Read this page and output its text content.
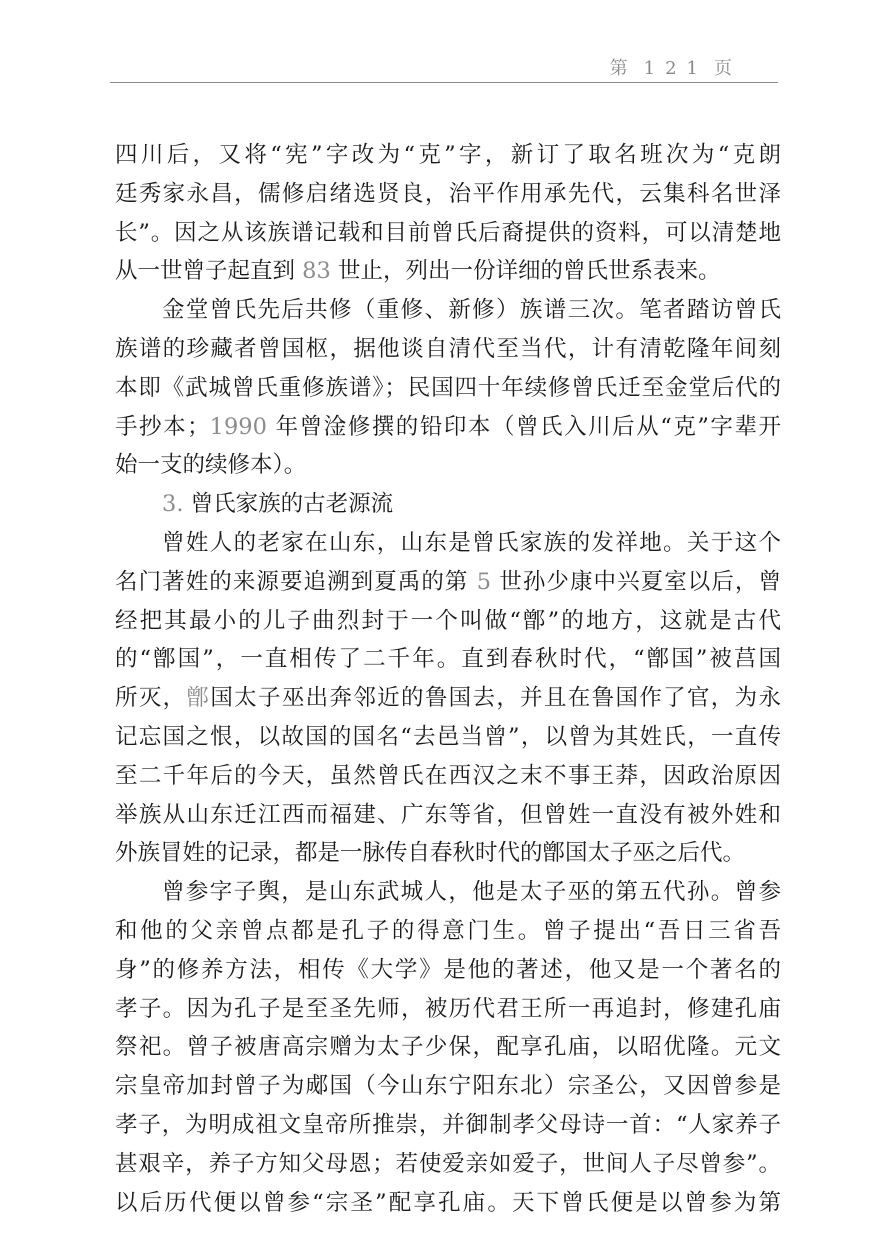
第 121 页
四川后，又将“宪”字改为“克”字，新订了取名班次为“克朗
廷秀家永昌，儒修启绪选贤良，治平作用承先代，云集科名世泽
长”。因之从该族谱记载和目前曾氏后裔提供的资料，可以清楚地
从一世曾子起直到 83 世止，列出一份详细的曾氏世系表来。
金堂曾氏先后共修（重修、新修）族谱三次。笔者踏访曾氏
族谱的珍藏者曾国枢，据他谈自清代至当代，计有清乾隆年间刻
本即《武城曾氏重修族谱》；民国四十年续修曾氏迁至金堂后代的
手抄本；1990 年曾淦修撰的铅印本（曾氏入川后从“克”字辈开
始一支的续修本）。
3. 曾氏家族的古老源流
曾姓人的老家在山东，山东是曾氏家族的发祥地。关于这个
名门著姓的来源要追溯到夏禹的第 5 世孙少康中兴夏室以后，曾
经把其最小的儿子曲烈封于一个叫做“鄫”的地方，这就是古代
的“鄫国”，一直相传了二千年。直到春秋时代，“鄫国”被莒国
所灭，鄫国太子巫出奔邻近的鲁国去，并且在鲁国作了官，为永
记忘国之恨，以故国的国名“去邑当曾”，以曾为其姓氏，一直传
至二千年后的今天，虽然曾氏在西汉之末不事王莽，因政治原因
举族从山东迁江西而福建、广东等省，但曾姓一直没有被外姓和
外族冒姓的记录，都是一脉传自春秋时代的鄫国太子巫之后代。
曾参字子舆，是山东武城人，他是太子巫的第五代孙。曾参
和他的父亲曾点都是孔子的得意门生。曾子提出“吾日三省吾
身”的修养方法，相传《大学》是他的著述，他又是一个著名的
孝子。因为孔子是至圣先师，被历代君王所一再追封，修建孔庙
祭祀。曾子被唐高宗赠为太子少保，配享孔庙，以昭优隆。元文
宗皇帝加封曾子为郕国（今山东宁阳东北）宗圣公，又因曾参是
孝子，为明成祖文皇帝所推崇，并御制孝父母诗一首：“人家养子
甚艰辛，养子方知父母恩；若使爱亲如爱子，世间人子尽曾参”。
以后历代便以曾参“宗圣”配享孔庙。天下曾氏便是以曾参为第
